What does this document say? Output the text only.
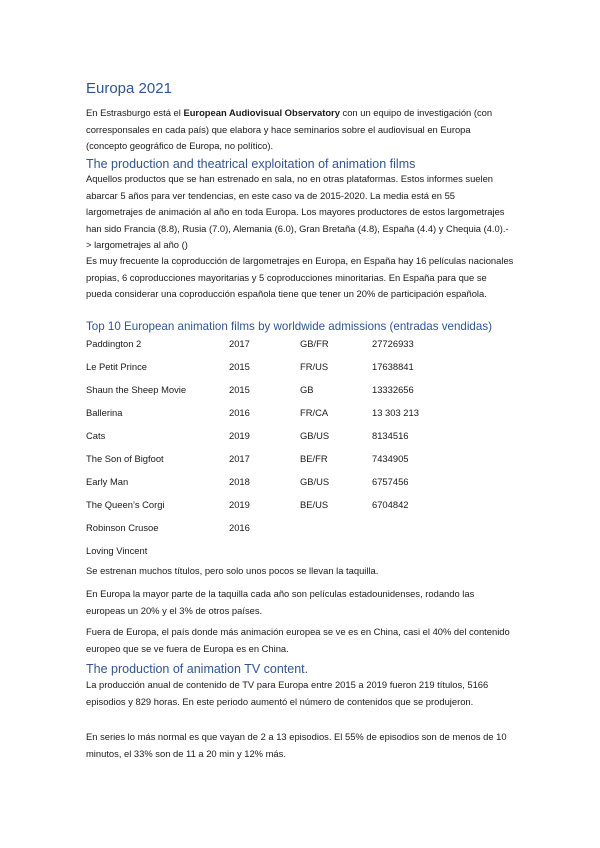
Europa 2021

En Estrasburgo está el European Audiovisual Observatory con un equipo de investigación (con corresponsales en cada país) que elabora y hace seminarios sobre el audiovisual en Europa (concepto geográfico de Europa, no político).

The production and theatrical exploitation of animation films

Aquellos productos que se han estrenado en sala, no en otras plataformas. Estos informes suelen abarcar 5 años para ver tendencias, en este caso va de 2015-2020. La media está en 55 largometrajes de animación al año en toda Europa. Los mayores productores de estos largometrajes han sido Francia (8.8), Rusia (7.0), Alemania (6.0), Gran Bretaña (4.8), España (4.4) y Chequia (4.0).-> largometrajes al año ()

Es muy frecuente la coproducción de largometrajes en Europa, en España hay 16 películas nacionales propias, 6 coproducciones mayoritarias y 5 coproducciones minoritarias. En España para que se pueda considerar una coproducción española tiene que tener un 20% de participación española.

Top 10 European animation films by worldwide admissions (entradas vendidas)
Paddington 2	2017	GB/FR	27726933
Le Petit Prince	2015	FR/US	17638841
Shaun the Sheep Movie	2015	GB	13332656
Ballerina	2016	FR/CA	13 303 213
Cats	2019	GB/US	8134516
The Son of Bigfoot	2017	BE/FR	7434905
Early Man	2018	GB/US	6757456
The Queen’s Corgi	2019	BE/US	6704842
Robinson Crusoe	2016
Loving Vincent

Se estrenan muchos títulos, pero solo unos pocos se llevan la taquilla.

En Europa la mayor parte de la taquilla cada año son películas estadounidenses, rodando las europeas un 20% y el 3% de otros países.

Fuera de Europa, el país donde más animación europea se ve es en China, casi el 40% del contenido europeo que se ve fuera de Europa es en China.

The production of animation TV content.

La producción anual de contenido de TV para Europa entre 2015 a 2019 fueron 219 títulos, 5166 episodios y 829 horas. En este periodo aumentó el número de contenidos que se produjeron.

En series lo más normal es que vayan de 2 a 13 episodios. El 55% de episodios son de menos de 10 minutos, el 33% son de 11 a 20 min y 12% más.
